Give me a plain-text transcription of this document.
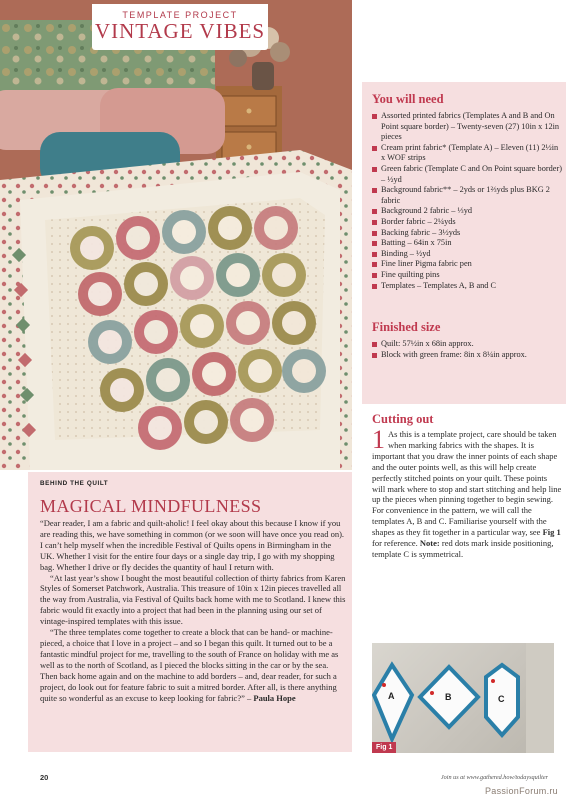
TEMPLATE PROJECT
VINTAGE VIBES
You will need
Assorted printed fabrics (Templates A and B and On Point square border) – Twenty-seven (27) 10in x 12in pieces
Cream print fabric* (Template A) – Eleven (11) 2½in x WOF strips
Green fabric (Template C and On Point square border) – ½yd
Background fabric** – 2yds or 1⅔yds plus BKG 2 fabric
Background 2 fabric – ⅓yd
Border fabric – 2¼yds
Backing fabric – 3½yds
Batting – 64in x 75in
Binding – ½yd
Fine liner Pigma fabric pen
Fine quilting pins
Templates – Templates A, B and C
Finished size
Quilt: 57½in x 68in approx.
Block with green frame: 8in x 8¼in approx.
Cutting out
1 As this is a template project, care should be taken when marking fabrics with the shapes. It is important that you draw the inner points of each shape and the outer points well, as this will help create perfectly stitched points on your quilt. These points will mark where to stop and start stitching and help line up the pieces when pinning together to begin sewing. For convenience in the pattern, we will call the templates A, B and C. Familiarise yourself with the shapes as they fit together in a particular way, see Fig 1 for reference. Note: red dots mark inside positioning, template C is symmetrical.
A	B	C
Fig 1
BEHIND THE QUILT
MAGICAL MINDFULNESS

“Dear reader, I am a fabric and quilt-aholic! I feel okay about this because I know if you are reading this, we have something in common (or we soon will have once you read on). I can’t help myself when the incredible Festival of Quilts opens in Birmingham in the UK. Whether I visit for the entire four days or a single day trip, I go with my shopping bag. Whether I drive or fly decides the quantity of haul I return with.

“At last year’s show I bought the most beautiful collection of thirty fabrics from Karen Styles of Somerset Patchwork, Australia. This treasure of 10in x 12in pieces travelled all the way from Australia, via Festival of Quilts back home with me to Scotland. I knew this fabric would fit exactly into a project that had been in the planning using our set of vintage-inspired templates with this issue.

“The three templates come together to create a block that can be hand- or machine-pieced, a choice that I love in a project – and so I began this quilt. It turned out to be a fantastic mindful project for me, travelling to the south of France on holiday with me as well as to the north of Scotland, as I pieced the blocks sitting in the car or by the sea. Then back home again and on the machine to add borders – and, dear reader, for such a project, do look out for feature fabric to suit a mitred border. After all, is there anything quite so wonderful as an excuse to keep looking for fabric?” – Paula Hope

20	Join us at www.gathered.how/todaysquilter
PassionForum.ru
